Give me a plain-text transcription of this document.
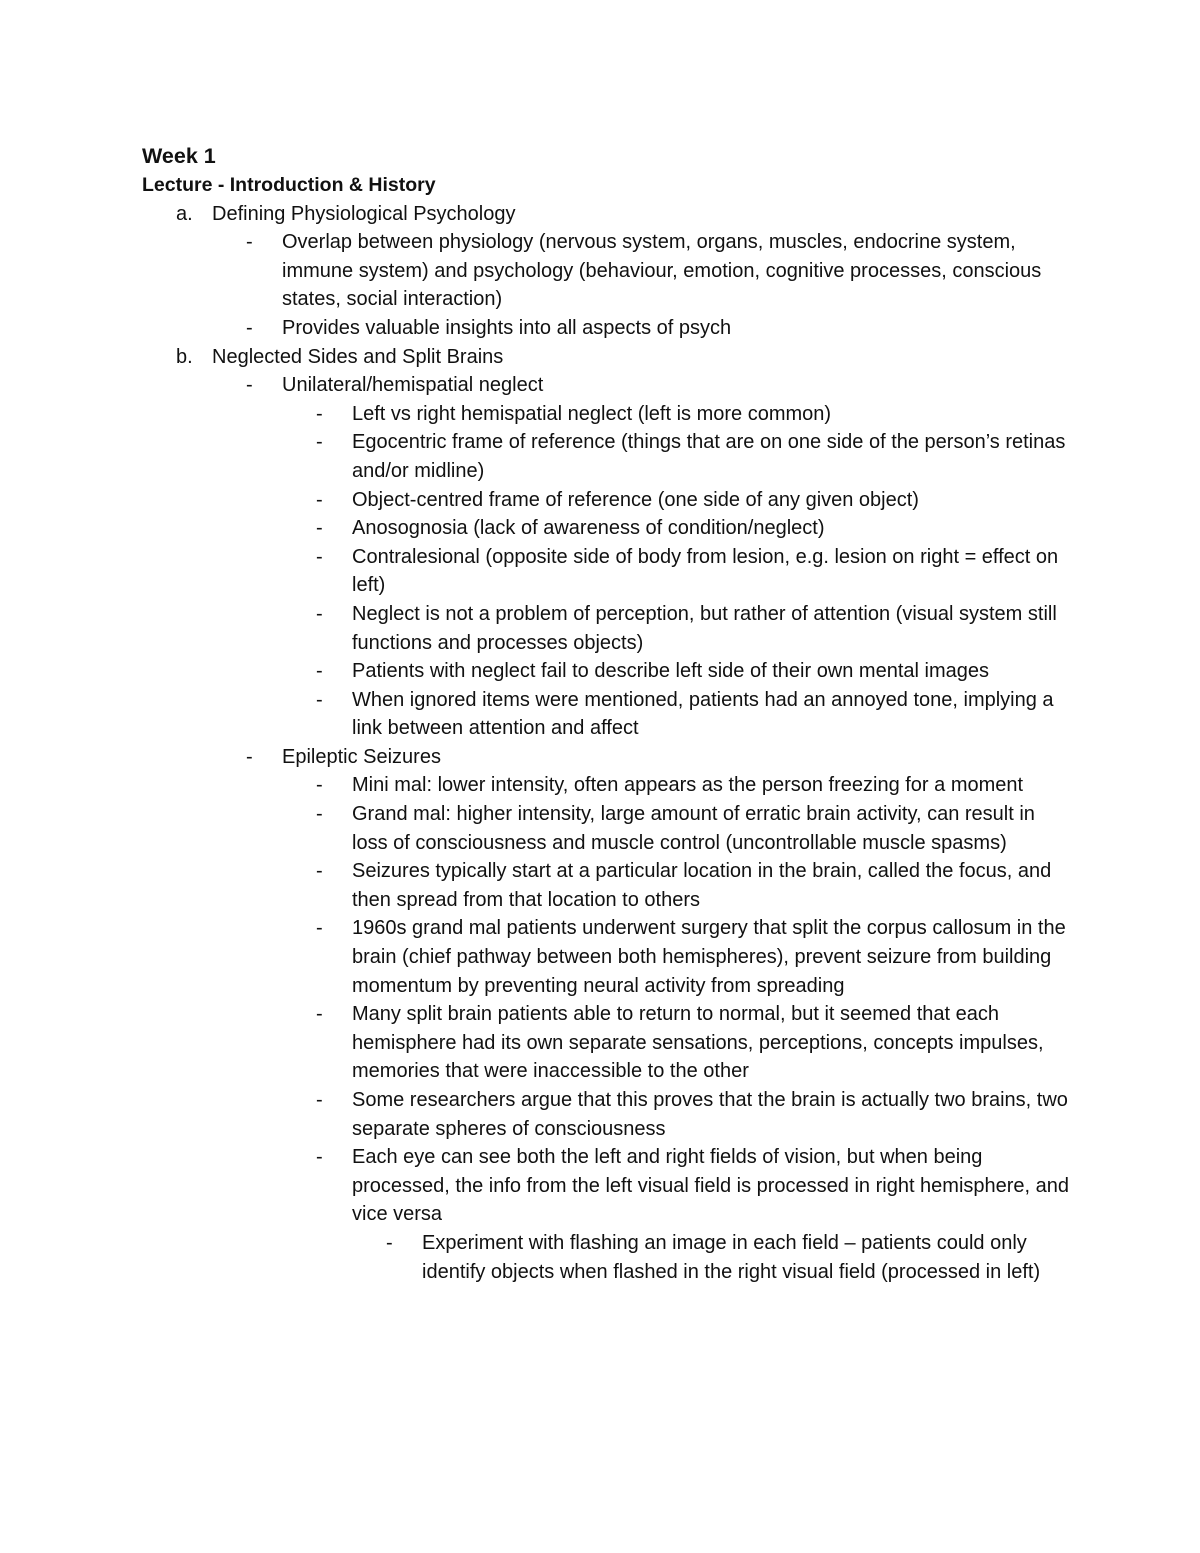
Week 1
Lecture - Introduction & History
a. Defining Physiological Psychology
- Overlap between physiology (nervous system, organs, muscles, endocrine system, immune system) and psychology (behaviour, emotion, cognitive processes, conscious states, social interaction)
- Provides valuable insights into all aspects of psych
b. Neglected Sides and Split Brains
- Unilateral/hemispatial neglect
- Left vs right hemispatial neglect (left is more common)
- Egocentric frame of reference (things that are on one side of the person’s retinas and/or midline)
- Object-centred frame of reference (one side of any given object)
- Anosognosia (lack of awareness of condition/neglect)
- Contralesional (opposite side of body from lesion, e.g. lesion on right = effect on left)
- Neglect is not a problem of perception, but rather of attention (visual system still functions and processes objects)
- Patients with neglect fail to describe left side of their own mental images
- When ignored items were mentioned, patients had an annoyed tone, implying a link between attention and affect
- Epileptic Seizures
- Mini mal: lower intensity, often appears as the person freezing for a moment
- Grand mal: higher intensity, large amount of erratic brain activity, can result in loss of consciousness and muscle control (uncontrollable muscle spasms)
- Seizures typically start at a particular location in the brain, called the focus, and then spread from that location to others
- 1960s grand mal patients underwent surgery that split the corpus callosum in the brain (chief pathway between both hemispheres), prevent seizure from building momentum by preventing neural activity from spreading
- Many split brain patients able to return to normal, but it seemed that each hemisphere had its own separate sensations, perceptions, concepts impulses, memories that were inaccessible to the other
- Some researchers argue that this proves that the brain is actually two brains, two separate spheres of consciousness
- Each eye can see both the left and right fields of vision, but when being processed, the info from the left visual field is processed in right hemisphere, and vice versa
- Experiment with flashing an image in each field – patients could only identify objects when flashed in the right visual field (processed in left)
